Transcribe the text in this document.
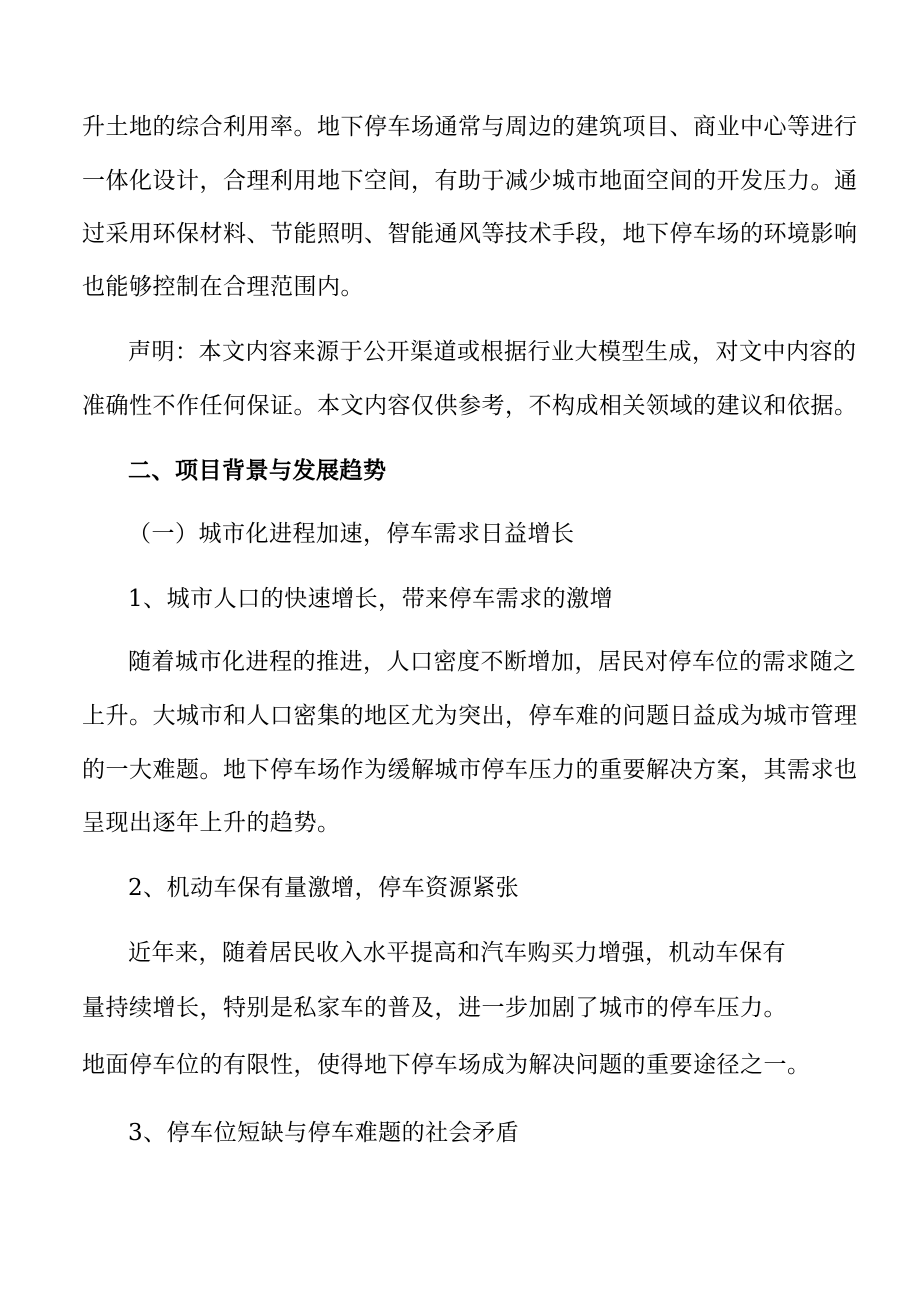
升土地的综合利用率。地下停车场通常与周边的建筑项目、商业中心等进行
一体化设计，合理利用地下空间，有助于减少城市地面空间的开发压力。通
过采用环保材料、节能照明、智能通风等技术手段，地下停车场的环境影响
也能够控制在合理范围内。
声明：本文内容来源于公开渠道或根据行业大模型生成，对文中内容的
准确性不作任何保证。本文内容仅供参考，不构成相关领域的建议和依据。
二、项目背景与发展趋势
（一）城市化进程加速，停车需求日益增长
1、城市人口的快速增长，带来停车需求的激增
随着城市化进程的推进，人口密度不断增加，居民对停车位的需求随之
上升。大城市和人口密集的地区尤为突出，停车难的问题日益成为城市管理
的一大难题。地下停车场作为缓解城市停车压力的重要解决方案，其需求也
呈现出逐年上升的趋势。
2、机动车保有量激增，停车资源紧张
近年来，随着居民收入水平提高和汽车购买力增强，机动车保有
量持续增长，特别是私家车的普及，进一步加剧了城市的停车压力。
地面停车位的有限性，使得地下停车场成为解决问题的重要途径之一。
3、停车位短缺与停车难题的社会矛盾
